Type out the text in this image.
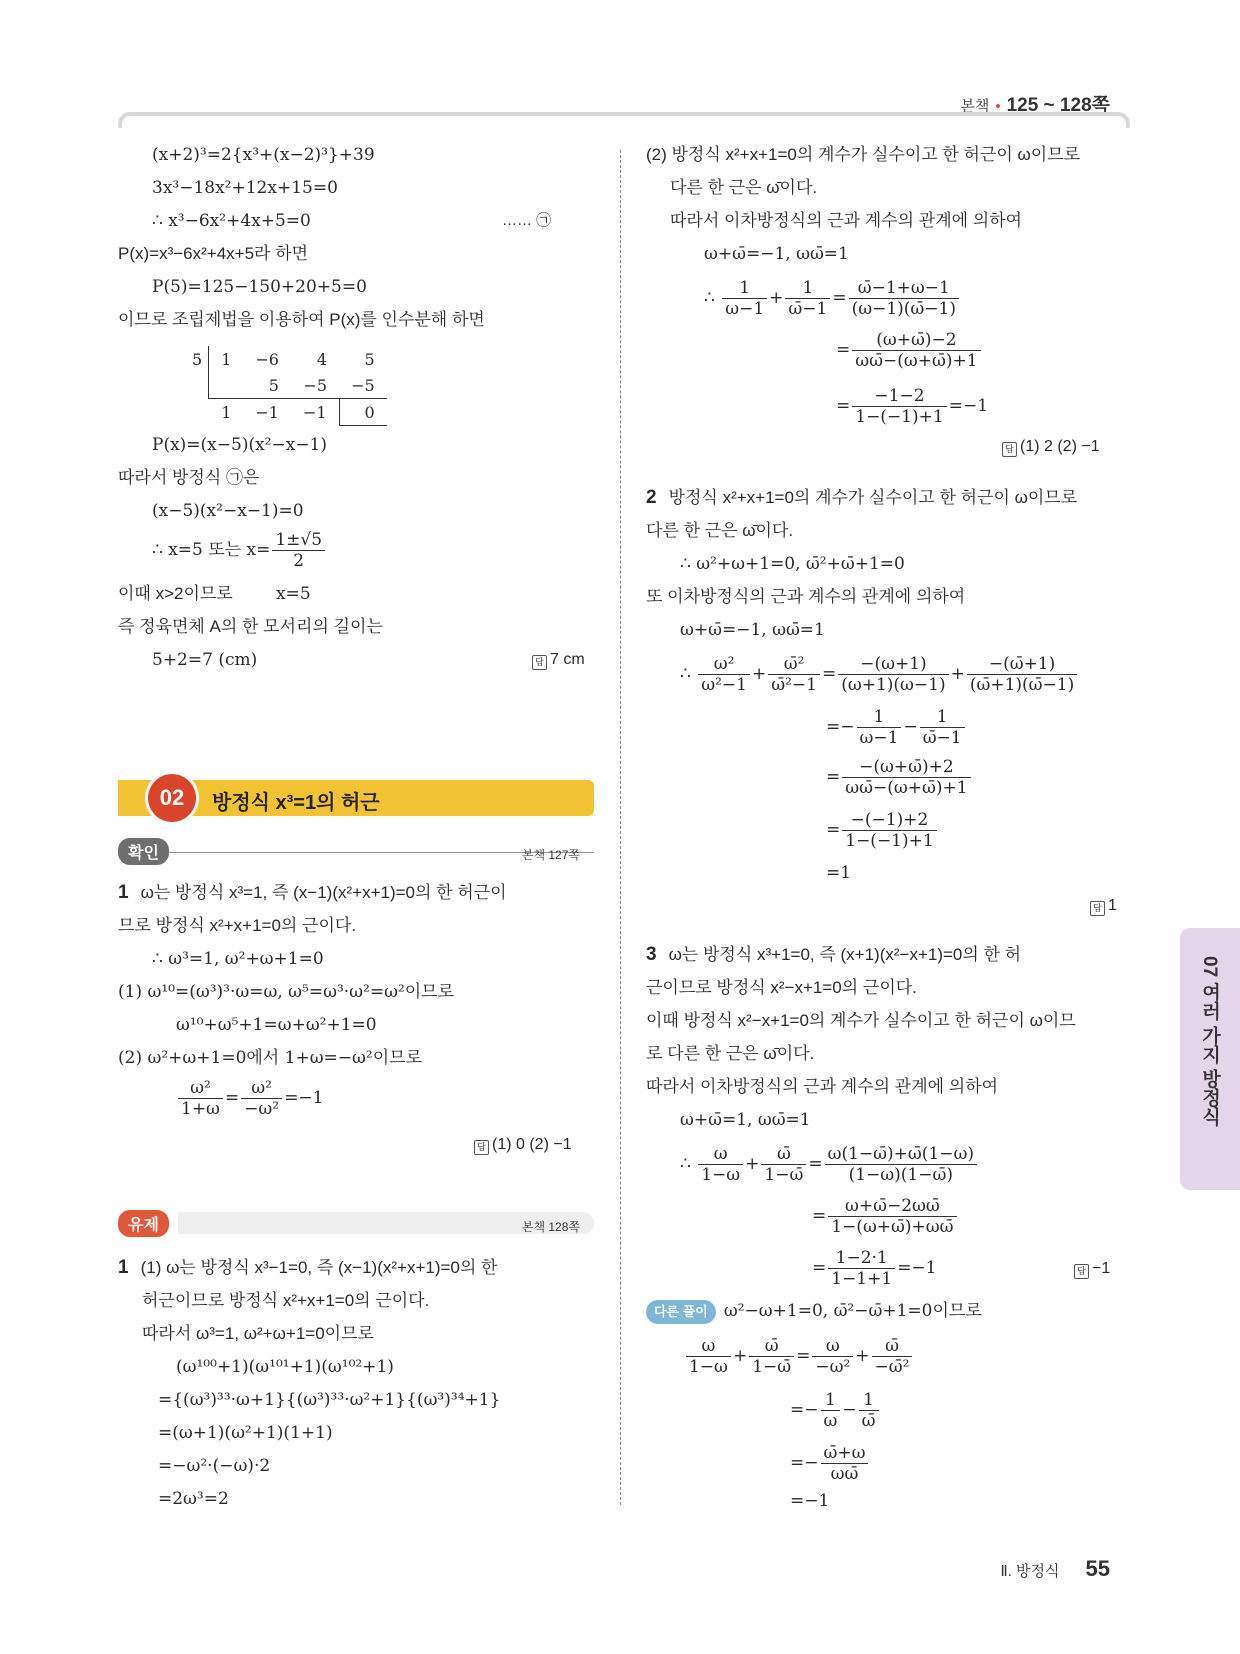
본책 • 125 ~ 128쪽
(x+2)³=2{x³+(x−2)³}+39
3x³−18x²+12x+15=0
∴ x³−6x²+4x+5=0	…… ㉠
P(x)=x³−6x²+4x+5라 하면
P(5)=125−150+20+5=0
이므로 조립제법을 이용하여 P(x)를 인수분해 하면
5	1	−6	4	5
		5	−5	−5
	1	−1	−1	0
P(x)=(x−5)(x²−x−1)
따라서 방정식 ㉠은
(x−5)(x²−x−1)=0
∴ x=5 또는 $x= \frac{1\pm√5}{2}$
이때 x>2이므로	x=5
즉 정육면체 A의 한 모서리의 길이는
5+2=7 (cm)	답 7 cm
02	방정식 x³=1의 허근
확인	본책 127쪽
1 ω는 방정식 x³=1, 즉 (x−1)(x²+x+1)=0의 한 허근이
므로 방정식 x²+x+1=0의 근이다.
∴ ω³=1, ω²+ω+1=0
(1) ω¹⁰=(ω³)³·ω=ω, ω⁵=ω³·ω²=ω²이므로
ω¹⁰+ω⁵+1=ω+ω²+1=0
(2) ω²+ω+1=0에서 1+ω=−ω²이므로
$\frac{\text{ω²}}{1+\omega} = \frac{\text{ω²}}{\text{−ω²}} =-1$
답 (1) 0 (2) −1
유제	본책 128쪽
1 (1) ω는 방정식 x³−1=0, 즉 (x−1)(x²+x+1)=0의 한
허근이므로 방정식 x²+x+1=0의 근이다.
따라서 ω³=1, ω²+ω+1=0이므로
(ω¹⁰⁰+1)(ω¹⁰¹+1)(ω¹⁰²+1)
={(ω³)³³·ω+1}{(ω³)³³·ω²+1}{(ω³)³⁴+1}
=(ω+1)(ω²+1)(1+1)
=−ω²·(−ω)·2
=2ω³=2
(2) 방정식 x²+x+1=0의 계수가 실수이고 한 허근이 ω이므로
다른 한 근은 ω̄이다.
따라서 이차방정식의 근과 계수의 관계에 의하여
ω+ω̄=−1, ωω̄=1
∴ $\frac{1}{\omega-1} + \frac{1}{\omegā-1} = \frac{\omegā-1+\omega-1}{(\omega-1)(\omegā-1)}$
= $\frac{(\omega+\omegā)-2}{\omega\omegā-(\omega+\omegā)+1}$
= $\frac{-1-2}{1-(-1)+1} =-1$
답 (1) 2 (2) −1
2 방정식 x²+x+1=0의 계수가 실수이고 한 허근이 ω이므로
다른 한 근은 ω̄이다.
∴ ω²+ω+1=0, ω̄²+ω̄+1=0
또 이차방정식의 근과 계수의 관계에 의하여
ω+ω̄=−1, ωω̄=1
∴ $\frac{\text{ω²}}{\text{ω²−1}} + \frac{\text{ω̄²}}{\text{ω̄²−1}} = \frac{-(\omega+1)}{(\omega+1)(\omega-1)} + \frac{-(\omegā+1)}{(\omegā+1)(\omegā-1)}$
=− $\frac{1}{\omega-1} - \frac{1}{\omegā-1}$
= $\frac{-(\omega+\omegā)+2}{\omega\omegā-(\omega+\omegā)+1}$
= $\frac{-(-1)+2}{1-(-1)+1}$
=1
답 1
3 ω는 방정식 x³+1=0, 즉 (x+1)(x²−x+1)=0의 한 허
근이므로 방정식 x²−x+1=0의 근이다.
이때 방정식 x²−x+1=0의 계수가 실수이고 한 허근이 ω이므
로 다른 한 근은 ω̄이다.
따라서 이차방정식의 근과 계수의 관계에 의하여
ω+ω̄=1, ωω̄=1
∴ $\frac{\omega}{1-\omega} + \frac{\omegā}{1-\omegā} = \frac{\omega(1-\omegā)+\omegā(1-\omega)}{(1-\omega)(1-\omegā)}$
= $\frac{\omega+\omegā-2\omega\omegā}{1-(\omega+\omegā)+\omega\omegā}$
= $\frac{1-2\cdot 1}{1-1+1} =-1$	답 −1
다른 풀이 ω²−ω+1=0, ω̄²−ω̄+1=0이므로
$\frac{\omega}{1-\omega} + \frac{\omegā}{1-\omegā} = \frac{\omega}{\text{−ω²}} + \frac{\omegā}{\text{−ω̄²}}$
=− $\frac{1}{\omega} - \frac{1}{\omegā}$
=− $\frac{\omegā+\omega}{\omega\omegā}$
=−1
07 여러 가지 방정식
Ⅱ. 방정식 55
